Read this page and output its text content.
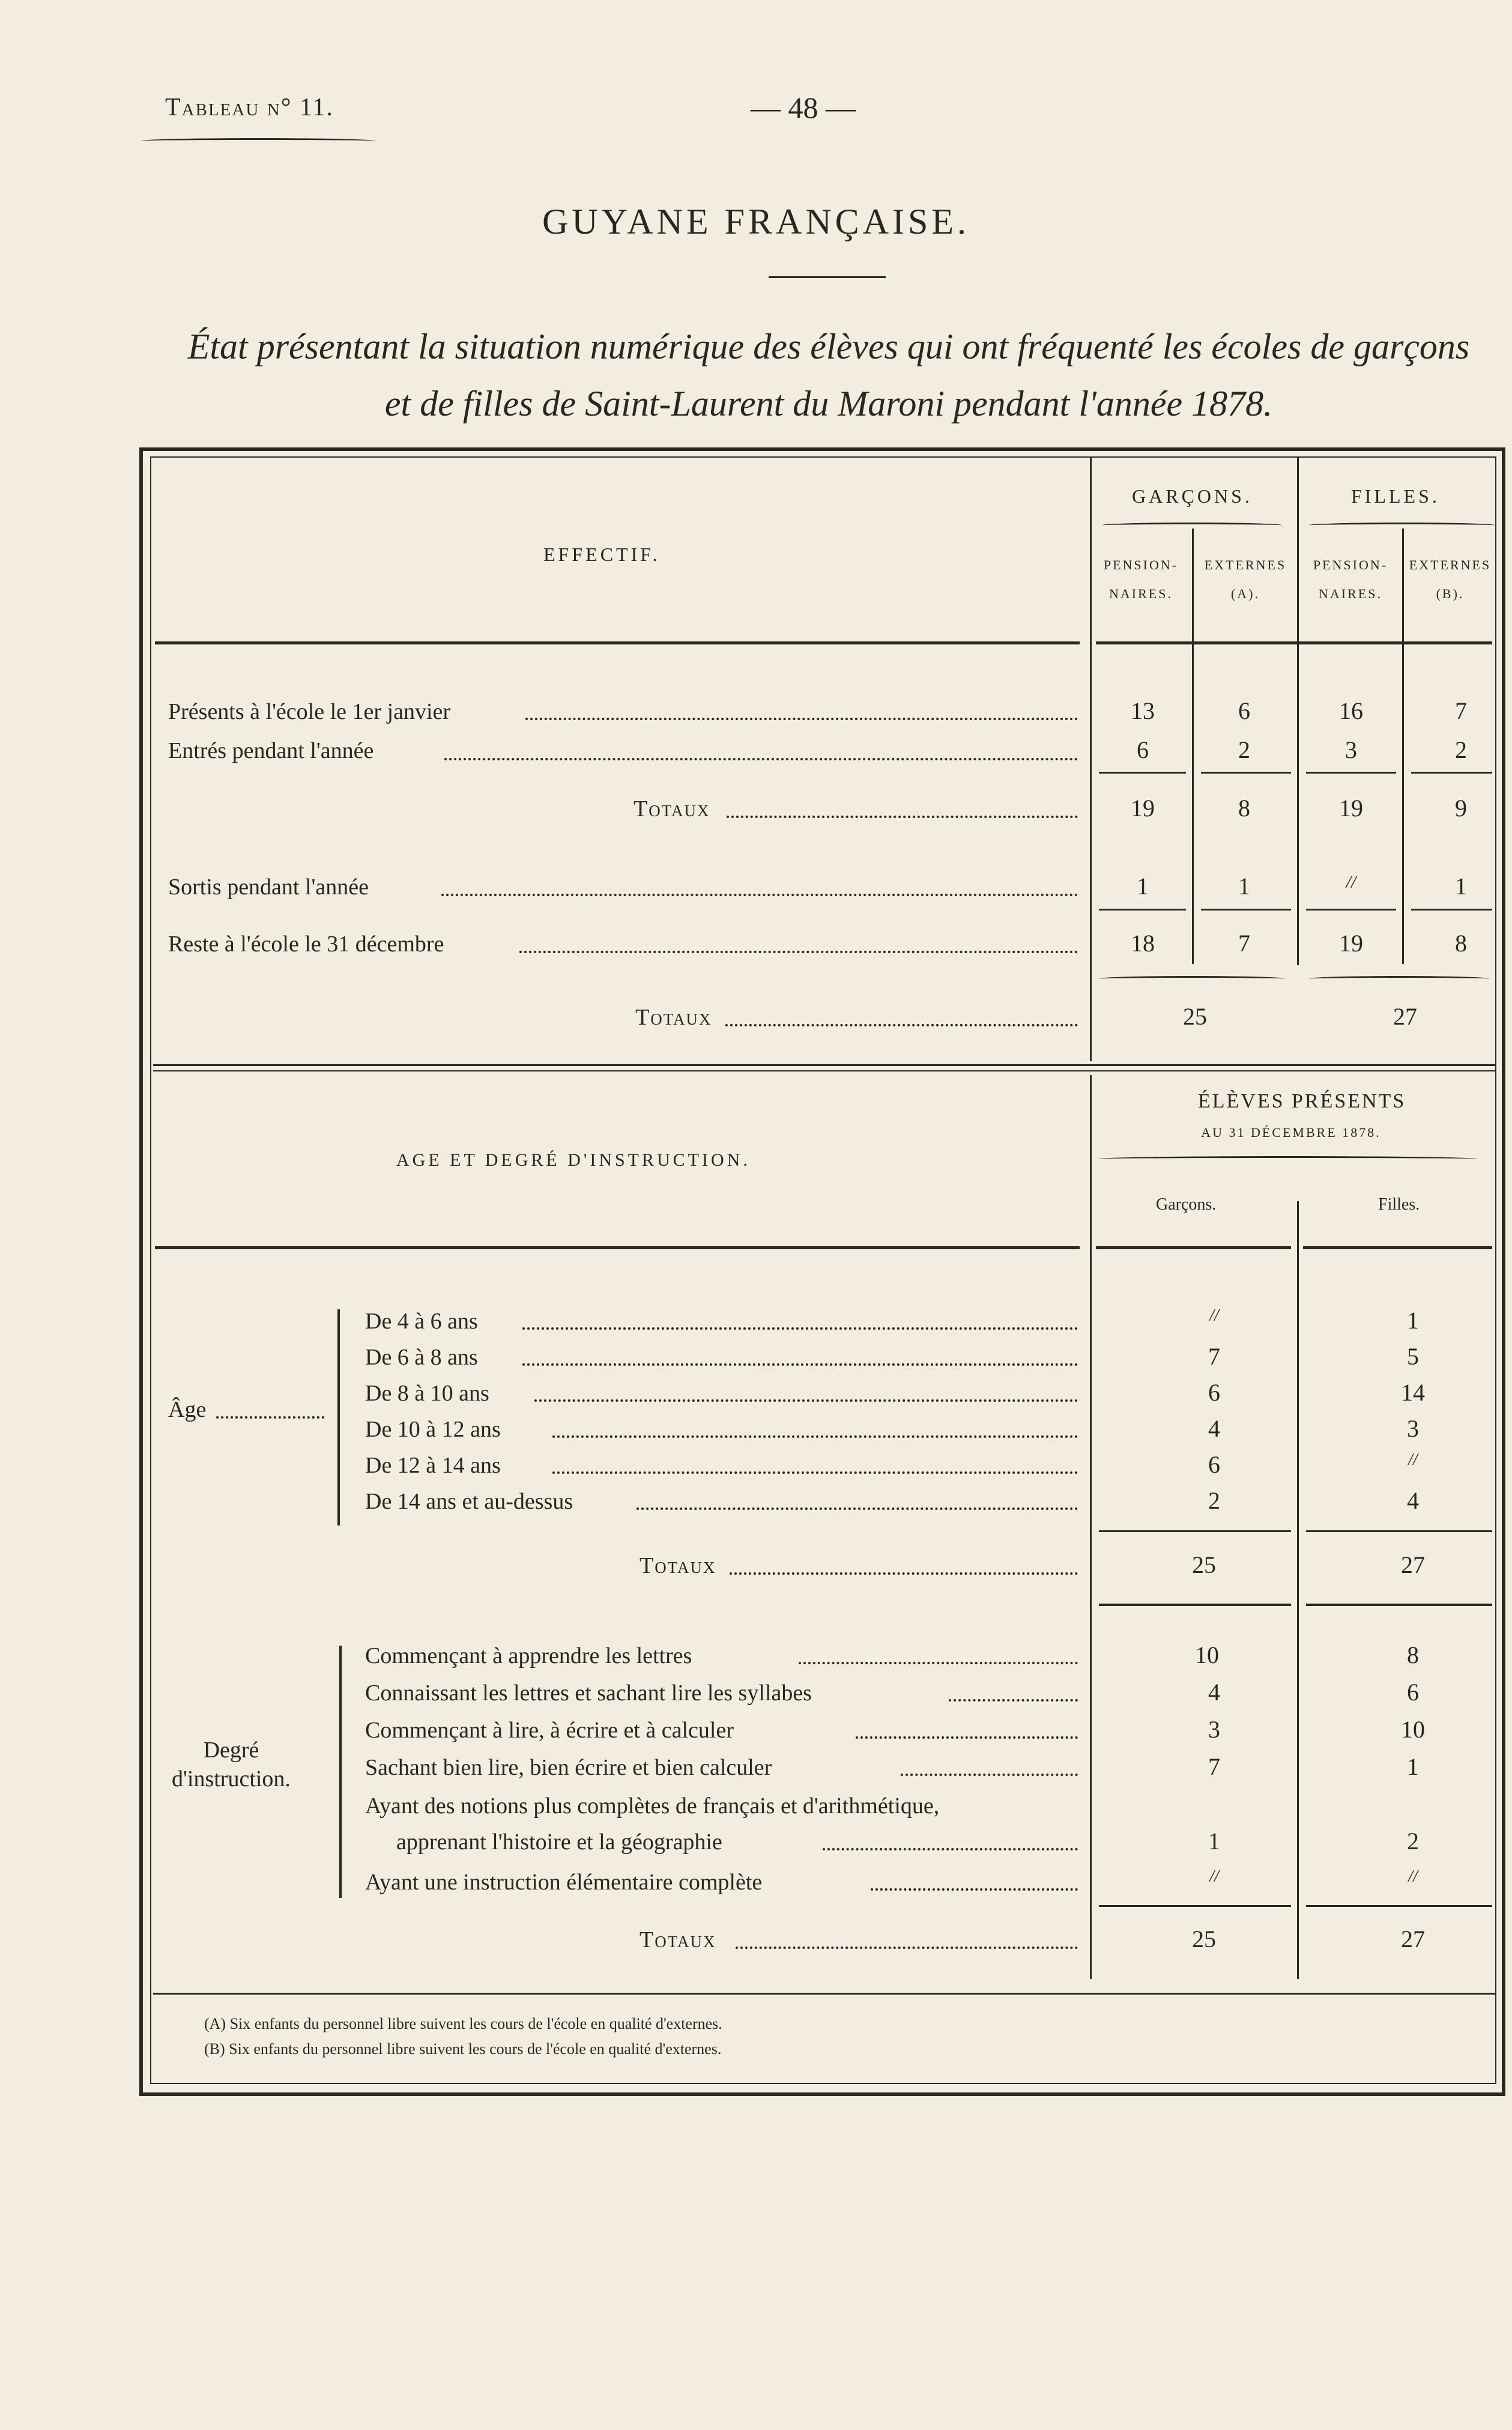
Tableau n° 11.	— 48 —
GUYANE FRANÇAISE.
État présentant la situation numérique des élèves qui ont fréquenté les écoles de garçons
et de filles de Saint-Laurent du Maroni pendant l'année 1878.
EFFECTIF.
GARÇONS.	FILLES.
PENSION-
NAIRES.
EXTERNES
(A).
PENSION-
NAIRES.
EXTERNES
(B).
Présents à l'école le 1er janvier	13	6	16	7
Entrés pendant l'année	6	2	3	2
Totaux	19	8	19	9
Sortis pendant l'année	1	1	//	1
Reste à l'école le 31 décembre	18	7	19	8
Totaux	25	27
AGE ET DEGRÉ D'INSTRUCTION.
ÉLÈVES PRÉSENTS
AU 31 DÉCEMBRE 1878.
Garçons.	Filles.
Âge
De 4 à 6 ans	//	1
De 6 à 8 ans	7	5
De 8 à 10 ans	6	14
De 10 à 12 ans	4	3
De 12 à 14 ans	6	//
De 14 ans et au-dessus	2	4
Totaux	25	27
Degré
d'instruction.
Commençant à apprendre les lettres	10	8
Connaissant les lettres et sachant lire les syllabes	4	6
Commençant à lire, à écrire et à calculer	3	10
Sachant bien lire, bien écrire et bien calculer	7	1
Ayant des notions plus complètes de français et d'arithmétique,
apprenant l'histoire et la géographie	1	2
Ayant une instruction élémentaire complète	//	//
Totaux	25	27
(A) Six enfants du personnel libre suivent les cours de l'école en qualité d'externes.
(B) Six enfants du personnel libre suivent les cours de l'école en qualité d'externes.
